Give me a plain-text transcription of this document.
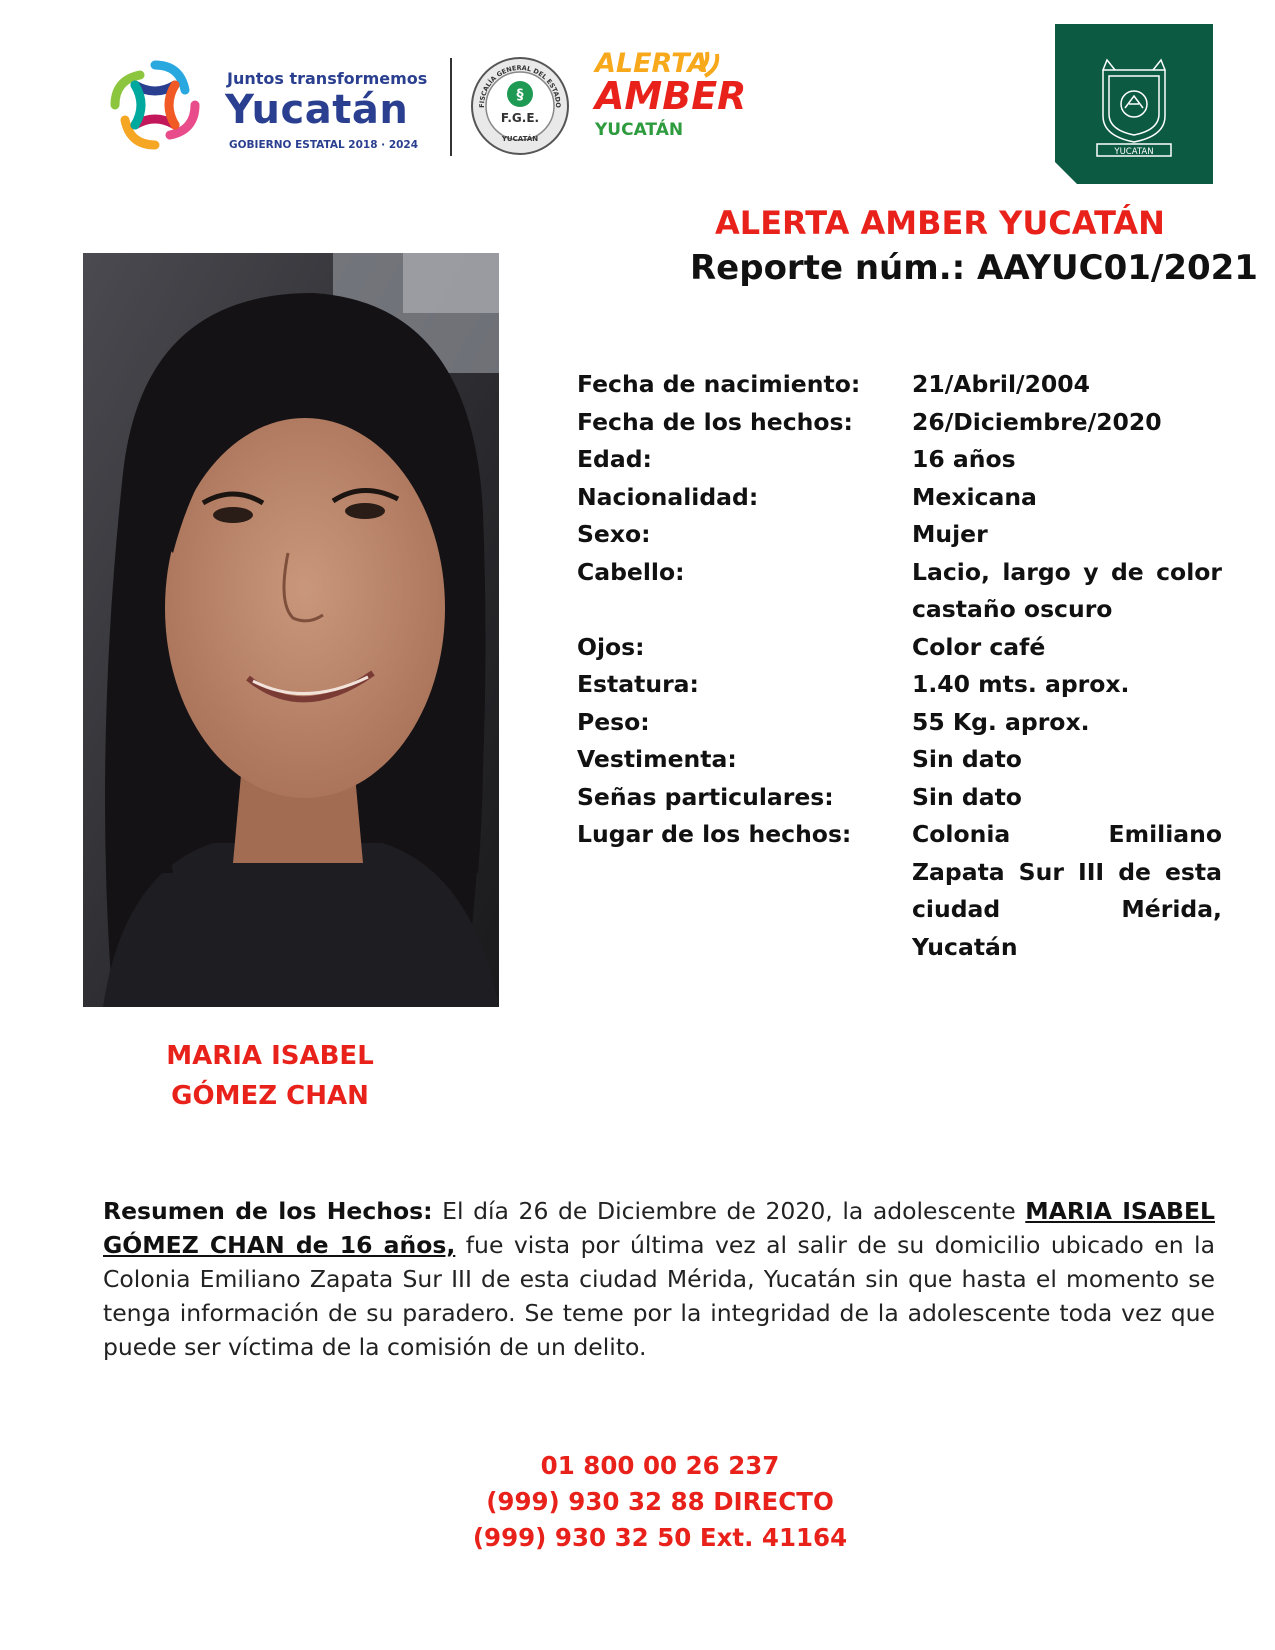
Juntos transformemos
Yucatán
GOBIERNO ESTATAL 2018 · 2024
§
F.G.E.
FISCALÍA GENERAL DEL ESTADO
YUCATÁN
ALERTA
AMBER
YUCATÁN
YUCATAN
ALERTA AMBER YUCATÁN
Reporte núm.: AAYUC01/2021
MARIA ISABEL
GÓMEZ CHAN
Fecha de nacimiento:	21/Abril/2004
Fecha de los hechos:	26/Diciembre/2020
Edad:	16 años
Nacionalidad:	Mexicana
Sexo:	Mujer
Cabello:	Lacio, largo y de color castaño oscuro
Ojos:	Color café
Estatura:	1.40 mts. aprox.
Peso:	55 Kg. aprox.
Vestimenta:	Sin dato
Señas particulares:	Sin dato
Lugar de los hechos:	Colonia Emiliano Zapata Sur III de esta ciudad Mérida, Yucatán
Resumen de los Hechos: El día 26 de Diciembre de 2020, la adolescente MARIA ISABEL GÓMEZ CHAN de 16 años, fue vista por última vez al salir de su domicilio ubicado en la Colonia Emiliano Zapata Sur III de esta ciudad Mérida, Yucatán sin que hasta el momento se tenga información de su paradero. Se teme por la integridad de la adolescente toda vez que puede ser víctima de la comisión de un delito.
01 800 00 26 237
(999) 930 32 88 DIRECTO
(999) 930 32 50 Ext. 41164
